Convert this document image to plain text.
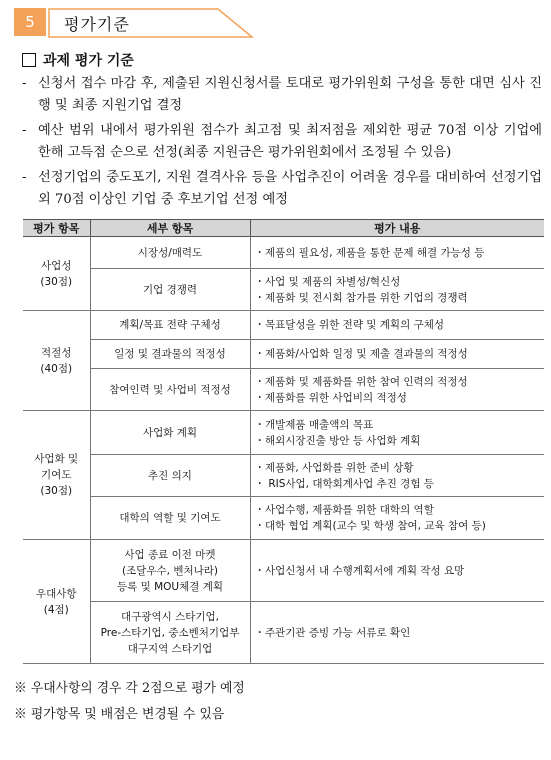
5	평가기준
과제 평가 기준
- 신청서 접수 마감 후, 제출된 지원신청서를 토대로 평가위원회 구성을 통한 대면 심사 진행 및 최종 지원기업 결정
- 예산 범위 내에서 평가위원 점수가 최고점 및 최저점을 제외한 평균 70점 이상 기업에 한해 고득점 순으로 선정(최종 지원금은 평가위원회에서 조정될 수 있음)
- 선정기업의 중도포기, 지원 결격사유 등을 사업추진이 어려울 경우를 대비하여 선정기업 외 70점 이상인 기업 중 후보기업 선정 예정
평가 항목	세부 항목	평가 내용
사업성
(30점)	시장성/매력도	・제품의 필요성, 제품을 통한 문제 해결 가능성 등
	기업 경쟁력	・사업 및 제품의 차별성/혁신성
・제품화 및 전시회 참가를 위한 기업의 경쟁력
적절성
(40점)	계획/목표 전략 구체성	・목표달성을 위한 전략 및 계획의 구체성
	일정 및 결과물의 적정성	・제품화/사업화 일정 및 제출 결과물의 적정성
	참여인력 및 사업비 적정성	・제품화 및 제품화를 위한 참여 인력의 적정성
・제품화를 위한 사업비의 적정성
사업화 및
기여도
(30점)	사업화 계획	・개발제품 매출액의 목표
・해외시장진출 방안 등 사업화 계획
	추진 의지	・제품화, 사업화를 위한 준비 상황
・ RIS사업, 대학회계사업 추진 경험 등
	대학의 역할 및 기여도	・사업수행, 제품화를 위한 대학의 역할
・대학 협업 계획(교수 및 학생 참여, 교육 참여 등)
우대사항
(4점)	사업 종료 이전 마켓
(조달우수, 벤처나라)
등록 및 MOU체결 계획	・사업신청서 내 수행계획서에 계획 작성 요망
	대구광역시 스타기업,
Pre-스타기업, 중소벤처기업부
대구지역 스타기업	・주관기관 증빙 가능 서류로 확인
※ 우대사항의 경우 각 2점으로 평가 예정
※ 평가항목 및 배점은 변경될 수 있음
